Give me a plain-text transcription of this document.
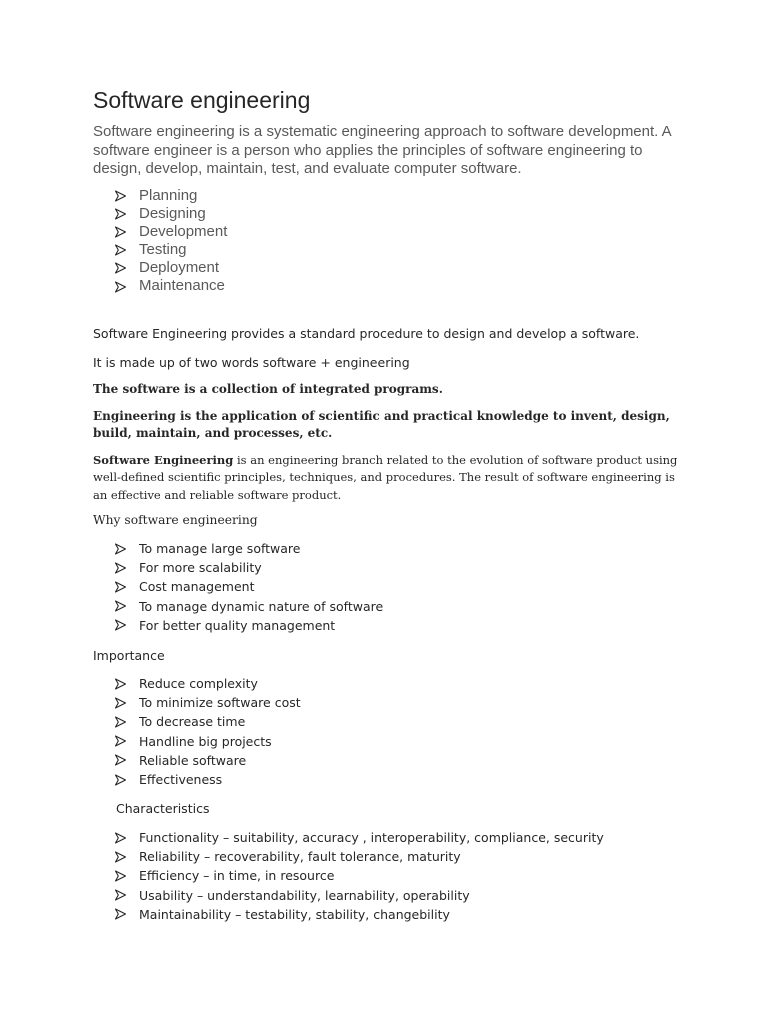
Software engineering

Software engineering is a systematic engineering approach to software development. A software engineer is a person who applies the principles of software engineering to design, develop, maintain, test, and evaluate computer software.

Planning
Designing
Development
Testing
Deployment
Maintenance

Software Engineering provides a standard procedure to design and develop a software.

It is made up of two words software + engineering

The software is a collection of integrated programs.

Engineering is the application of scientific and practical knowledge to invent, design, build, maintain, and processes, etc.

Software Engineering is an engineering branch related to the evolution of software product using well-defined scientific principles, techniques, and procedures. The result of software engineering is an effective and reliable software product.

Why software engineering

To manage large software
For more scalability
Cost management
To manage dynamic nature of software
For better quality management

Importance

Reduce complexity
To minimize software cost
To decrease time
Handline big projects
Reliable software
Effectiveness

Characteristics

Functionality – suitability, accuracy , interoperability, compliance, security
Reliability – recoverability, fault tolerance, maturity
Efficiency – in time, in resource
Usability – understandability, learnability, operability
Maintainability – testability, stability, changebility
